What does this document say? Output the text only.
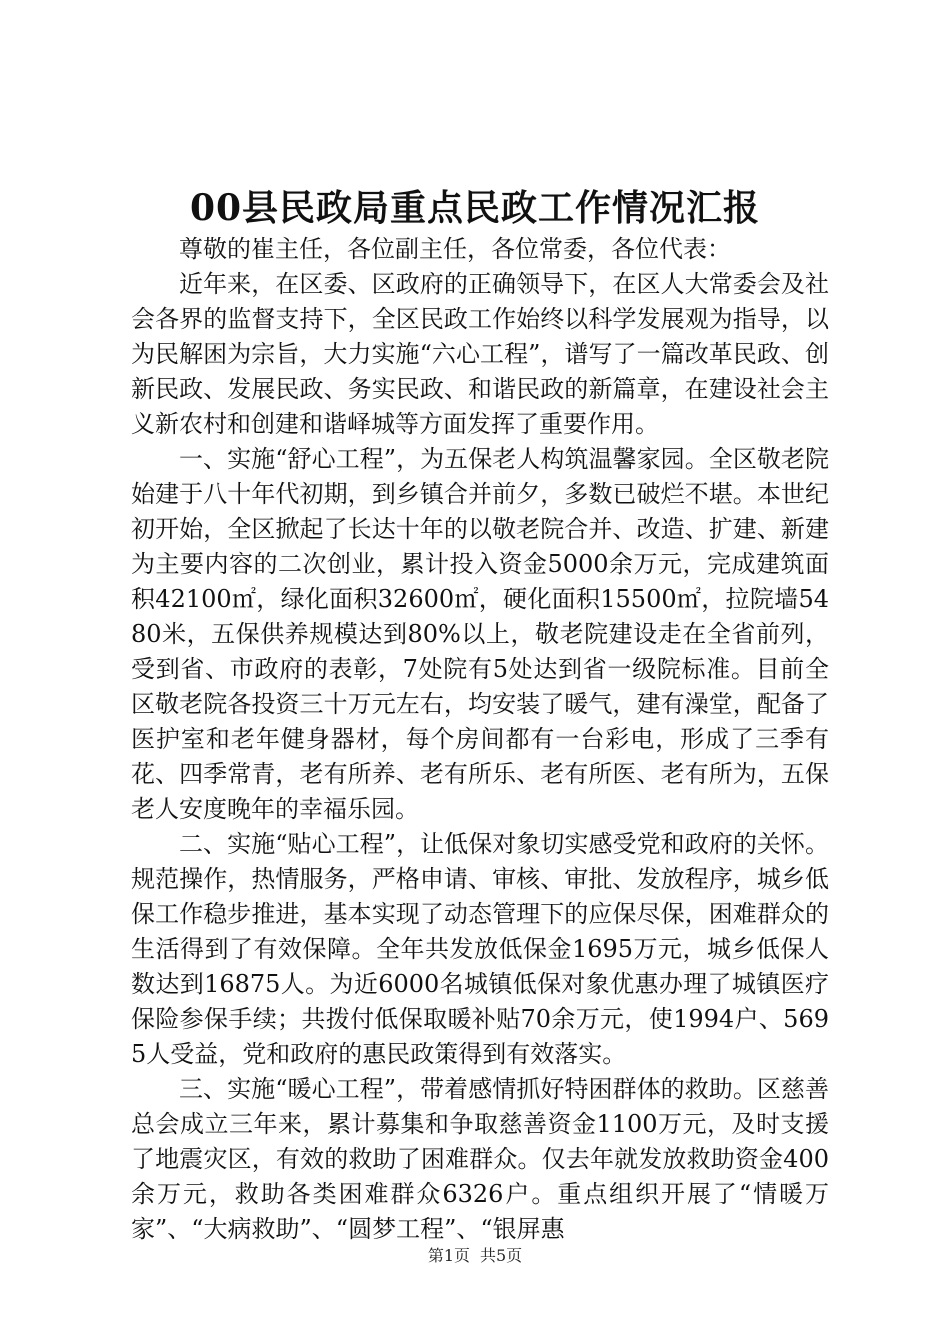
00县民政局重点民政工作情况汇报

尊敬的崔主任，各位副主任，各位常委，各位代表：

近年来，在区委、区政府的正确领导下，在区人大常委会及社会各界的监督支持下，全区民政工作始终以科学发展观为指导，以为民解困为宗旨，大力实施“六心工程”，谱写了一篇改革民政、创新民政、发展民政、务实民政、和谐民政的新篇章，在建设社会主义新农村和创建和谐峄城等方面发挥了重要作用。

一、实施“舒心工程”，为五保老人构筑温馨家园。全区敬老院始建于八十年代初期，到乡镇合并前夕，多数已破烂不堪。本世纪初开始，全区掀起了长达十年的以敬老院合并、改造、扩建、新建为主要内容的二次创业，累计投入资金5000余万元，完成建筑面积42100㎡，绿化面积32600㎡，硬化面积15500㎡，拉院墙5480米，五保供养规模达到80%以上，敬老院建设走在全省前列，受到省、市政府的表彰，7处院有5处达到省一级院标准。目前全区敬老院各投资三十万元左右，均安装了暖气，建有澡堂，配备了医护室和老年健身器材，每个房间都有一台彩电，形成了三季有花、四季常青，老有所养、老有所乐、老有所医、老有所为，五保老人安度晚年的幸福乐园。

二、实施“贴心工程”，让低保对象切实感受党和政府的关怀。规范操作，热情服务，严格申请、审核、审批、发放程序，城乡低保工作稳步推进，基本实现了动态管理下的应保尽保，困难群众的生活得到了有效保障。全年共发放低保金1695万元，城乡低保人数达到16875人。为近6000名城镇低保对象优惠办理了城镇医疗保险参保手续；共拨付低保取暖补贴70余万元，使1994户、5695人受益，党和政府的惠民政策得到有效落实。

三、实施“暖心工程”，带着感情抓好特困群体的救助。区慈善总会成立三年来，累计募集和争取慈善资金1100万元，及时支援了地震灾区，有效的救助了困难群众。仅去年就发放救助资金400余万元，救助各类困难群众6326户。重点组织开展了“情暖万家”、“大病救助”、“圆梦工程”、“银屏惠

第1页 共5页
